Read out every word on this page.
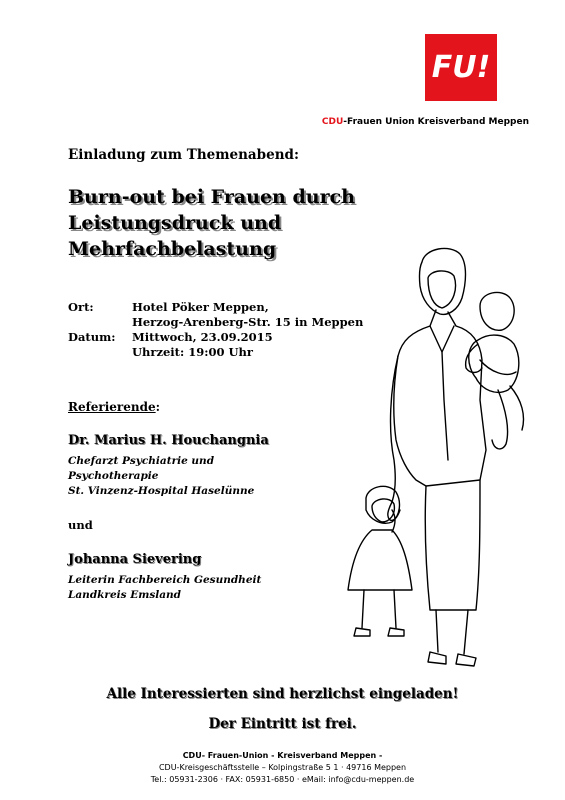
FU!
CDU-Frauen Union Kreisverband Meppen
Einladung zum Themenabend:
Burn-out bei Frauen durch
Leistungsdruck und
Mehrfachbelastung
Ort:	Hotel Pöker Meppen,
Herzog-Arenberg-Str. 15 in Meppen
Datum:	Mittwoch, 23.09.2015
Uhrzeit: 19:00 Uhr
Referierende:
Dr. Marius H. Houchangnia
Chefarzt Psychiatrie und
Psychotherapie
St. Vinzenz-Hospital Haselünne
und
Johanna Sievering
Leiterin Fachbereich Gesundheit
Landkreis Emsland
Alle Interessierten sind herzlichst eingeladen!
Der Eintritt ist frei.
CDU- Frauen-Union - Kreisverband Meppen -
CDU-Kreisgeschäftsstelle – Kolpingstraße 5 1 · 49716 Meppen
Tel.: 05931-2306 · FAX: 05931-6850 · eMail: info@cdu-meppen.de
